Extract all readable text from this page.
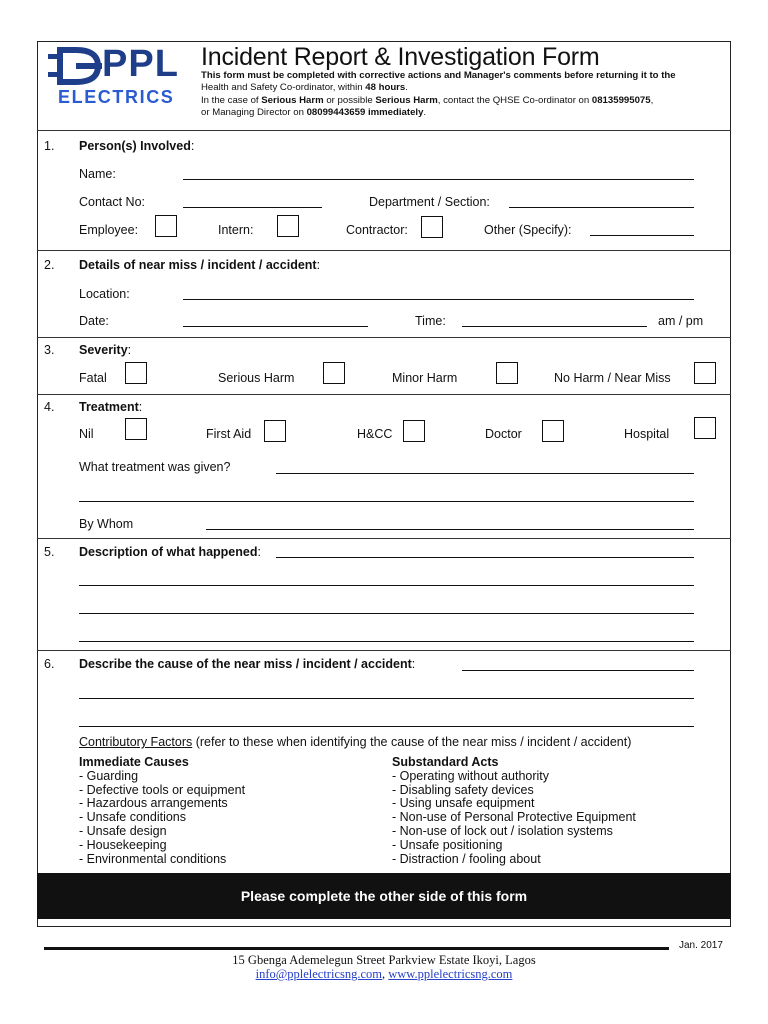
PPL
ELECTRICS
Incident Report & Investigation Form
This form must be completed with corrective actions and Manager's comments before returning it to the
Health and Safety Co-ordinator, within 48 hours.
In the case of Serious Harm or possible Serious Harm, contact the QHSE Co-ordinator on 08135995075,
or Managing Director on 08099443659 immediately.
1. Person(s) Involved:
Name:
Contact No:	Department / Section:
Employee:	Intern:	Contractor:	Other (Specify):
2. Details of near miss / incident / accident:
Location:
Date:	Time:	am / pm
3. Severity:
Fatal	Serious Harm	Minor Harm	No Harm / Near Miss
4. Treatment:
Nil	First Aid	H&CC	Doctor	Hospital
What treatment was given?
By Whom
5. Description of what happened:
6. Describe the cause of the near miss / incident / accident:
Contributory Factors (refer to these when identifying the cause of the near miss / incident / accident)
Immediate Causes
- Guarding
- Defective tools or equipment
- Hazardous arrangements
- Unsafe conditions
- Unsafe design
- Housekeeping
- Environmental conditions
Substandard Acts
- Operating without authority
- Disabling safety devices
- Using unsafe equipment
- Non-use of Personal Protective Equipment
- Non-use of lock out / isolation systems
- Unsafe positioning
- Distraction / fooling about
Please complete the other side of this form
Jan. 2017
15 Gbenga Ademelegun Street Parkview Estate Ikoyi, Lagos
info@pplelectricsng.com, www.pplelectricsng.com
